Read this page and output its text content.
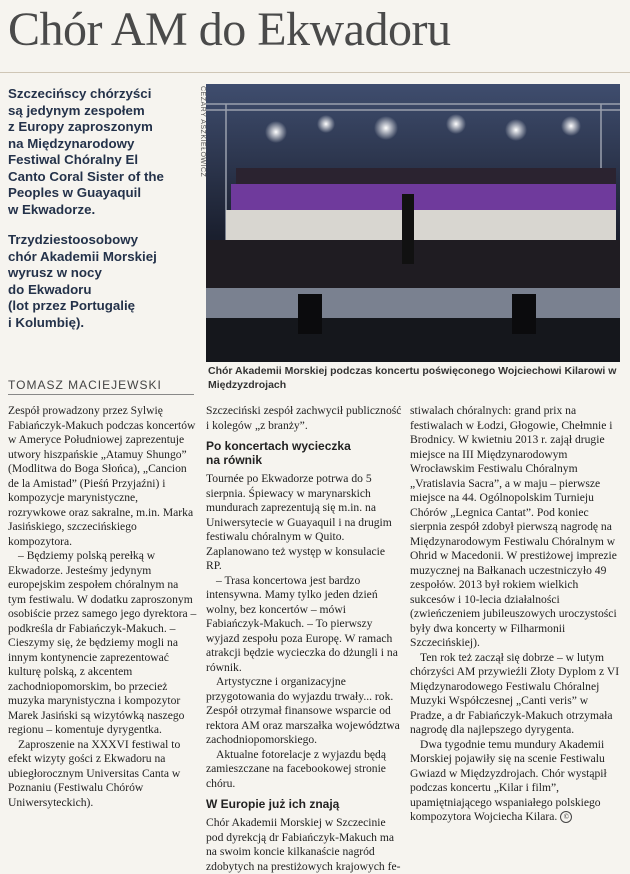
Chór AM do Ekwadoru

Szczecińscy chórzyści
są jedynym zespołem
z Europy zaproszonym
na Międzynarodowy
Festiwal Chóralny El
Canto Coral Sister of the
Peoples w Guayaquil
w Ekwadorze.

Trzydziestoosobowy
chór Akademii Morskiej
wyrusz w nocy
do Ekwadoru
(lot przez Portugalię
i Kolumbię).

TOMASZ MACIEJEWSKI
CEZARY ASZKIEŁOWICZ
Chór Akademii Morskiej podczas koncertu poświęconego Wojciechowi Kilarowi w Międzyzdrojach

Zespół prowadzony przez Sylwię Fabiańczyk-Makuch podczas koncertów w Ameryce Południowej zaprezentuje utwory hiszpańskie „Atamuy Shungo” (Modlitwa do Boga Słońca), „Cancion de la Amistad” (Pieśń Przyjaźni) i kompozycje marynistyczne, rozrywkowe oraz sakralne, m.in. Marka Jasińskiego, szczecińskiego kompozytora.

– Będziemy polską perełką w Ekwadorze. Jesteśmy jedynym europejskim zespołem chóralnym na tym festiwalu. W dodatku zaproszonym osobiście przez samego jego dyrektora – podkreśla dr Fabiańczyk-Makuch. – Cieszymy się, że będziemy mogli na innym kontynencie zaprezentować kulturę polską, z akcentem zachodniopomorskim, bo przecież muzyka marynistyczna i kompozytor Marek Jasiński są wizytówką naszego regionu – komentuje dyrygentka.

Zaproszenie na XXXVI festiwal to efekt wizyty gości z Ekwadoru na ubiegłorocznym Universitas Canta w Poznaniu (Festiwalu Chórów Uniwersyteckich).

Szczeciński zespół zachwycił publiczność i kolegów „z branży”.

Po koncertach wycieczka
na równik

Tournée po Ekwadorze potrwa do 5 sierpnia. Śpiewacy w marynarskich mundurach zaprezentują się m.in. na Uniwersytecie w Guayaquil i na drugim festiwalu chóralnym w Quito. Zaplanowano też występ w konsulacie RP.

– Trasa koncertowa jest bardzo intensywna. Mamy tylko jeden dzień wolny, bez koncertów – mówi Fabiańczyk-Makuch. – To pierwszy wyjazd zespołu poza Europę. W ramach atrakcji będzie wycieczka do dżungli i na równik.

Artystyczne i organizacyjne przygotowania do wyjazdu trwały... rok. Zespół otrzymał finansowe wsparcie od rektora AM oraz marszałka województwa zachodniopomorskiego.

Aktualne fotorelacje z wyjazdu będą zamieszczane na facebookowej stronie chóru.

W Europie już ich znają

Chór Akademii Morskiej w Szczecinie pod dyrekcją dr Fabiańczyk-Makuch ma na swoim koncie kilkanaście nagród zdobytych na prestiżowych krajowych fe-

stiwalach chóralnych: grand prix na festiwalach w Łodzi, Głogowie, Chełmnie i Brodnicy. W kwietniu 2013 r. zajął drugie miejsce na III Międzynarodowym Wrocławskim Festiwalu Chóralnym „Vratislavia Sacra”, a w maju – pierwsze miejsce na 44. Ogólnopolskim Turnieju Chórów „Legnica Cantat”. Pod koniec sierpnia zespół zdobył pierwszą nagrodę na Międzynarodowym Festiwalu Chóralnym w Ohrid w Macedonii. W prestiżowej imprezie muzycznej na Bałkanach uczestniczyło 49 zespołów. 2013 był rokiem wielkich sukcesów i 10-lecia działalności (zwieńczeniem jubileuszowych uroczystości były dwa koncerty w Filharmonii Szczecińskiej).

Ten rok też zaczął się dobrze – w lutym chórzyści AM przywieźli Złoty Dyplom z VI Międzynarodowego Festiwalu Chóralnej Muzyki Współczesnej „Canti veris” w Pradze, a dr Fabiańczyk-Makuch otrzymała nagrodę dla najlepszego dyrygenta.

Dwa tygodnie temu mundury Akademii Morskiej pojawiły się na scenie Festiwalu Gwiazd w Międzyzdrojach. Chór wystąpił podczas koncertu „Kilar i film”, upamiętniającego wspaniałego polskiego kompozytora Wojciecha Kilara. ©
